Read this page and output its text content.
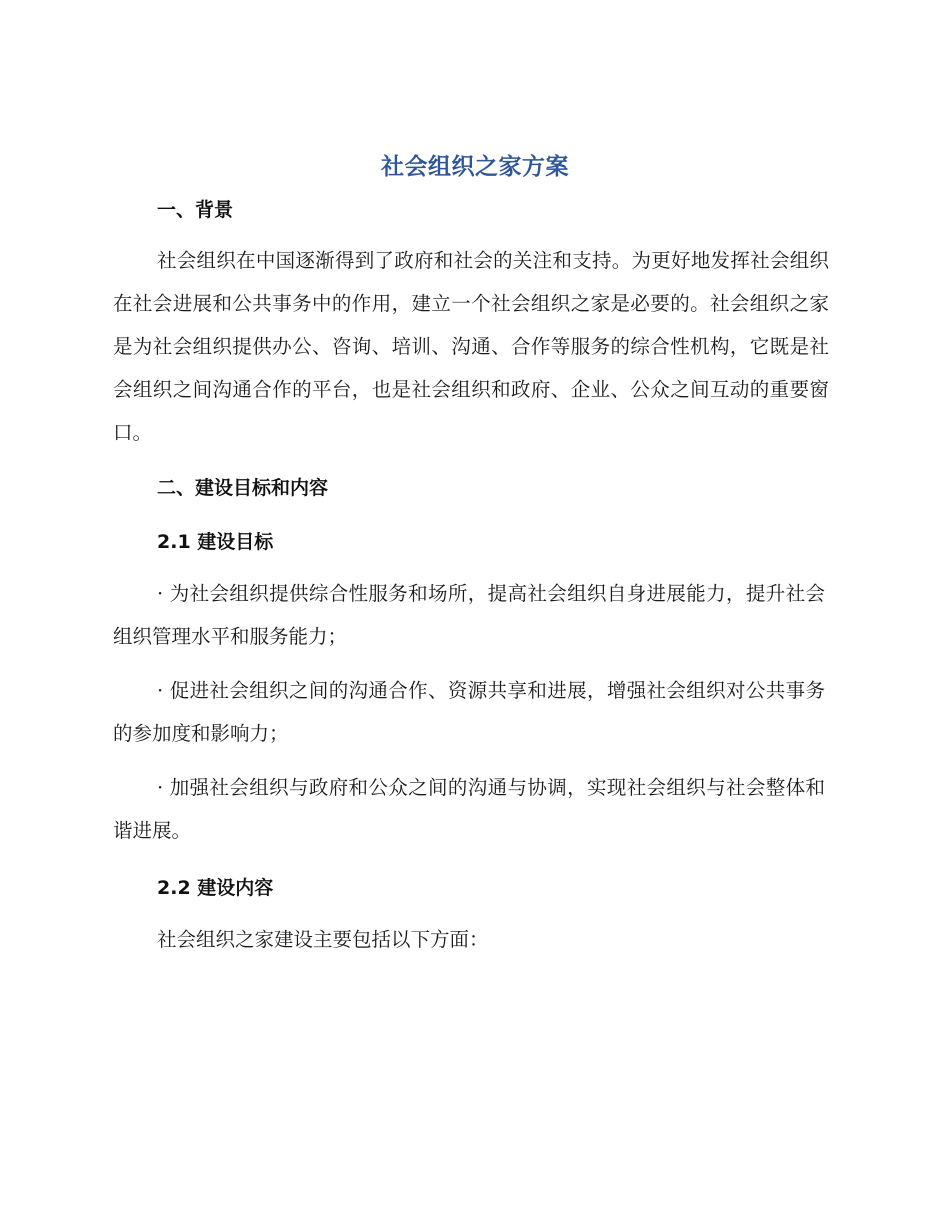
社会组织之家方案
一、背景

社会组织在中国逐渐得到了政府和社会的关注和支持。为更好地发挥社会组织在社会进展和公共事务中的作用，建立一个社会组织之家是必要的。社会组织之家是为社会组织提供办公、咨询、培训、沟通、合作等服务的综合性机构，它既是社会组织之间沟通合作的平台，也是社会组织和政府、企业、公众之间互动的重要窗口。

二、建设目标和内容
2.1 建设目标

· 为社会组织提供综合性服务和场所，提高社会组织自身进展能力，提升社会组织管理水平和服务能力；

· 促进社会组织之间的沟通合作、资源共享和进展，增强社会组织对公共事务的参加度和影响力；

· 加强社会组织与政府和公众之间的沟通与协调，实现社会组织与社会整体和谐进展。

2.2 建设内容

社会组织之家建设主要包括以下方面：
